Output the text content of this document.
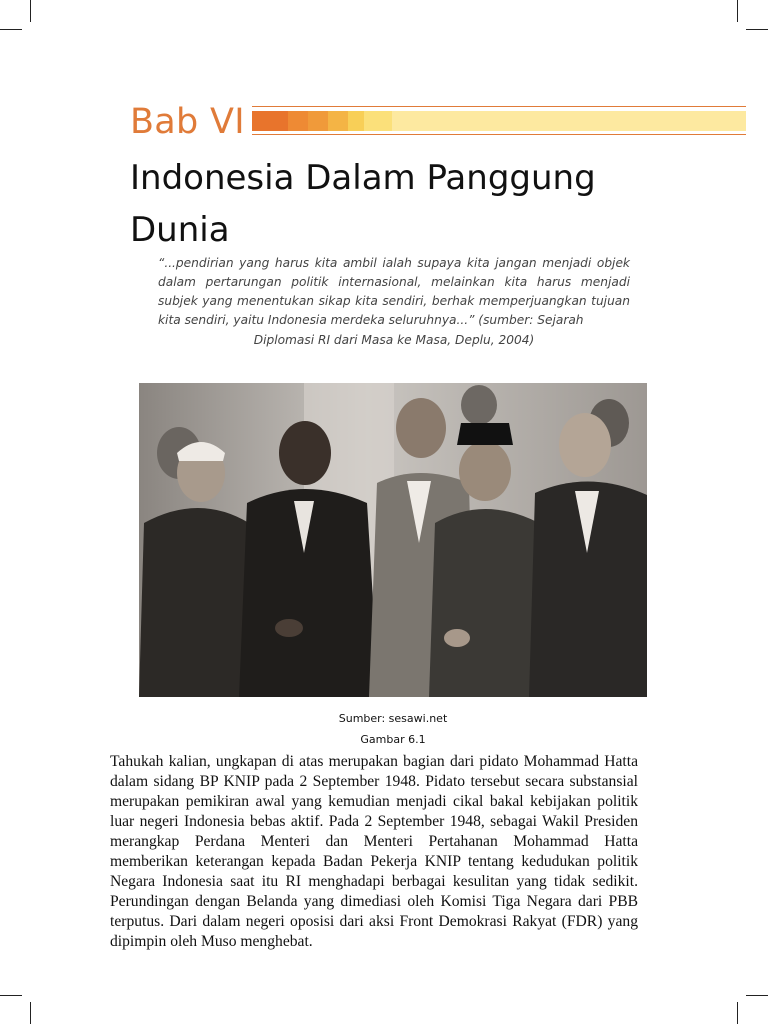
Bab VI
Indonesia Dalam Panggung Dunia

“...pendirian yang harus kita ambil ialah supaya kita jangan menjadi objek dalam pertarungan politik internasional, melainkan kita harus menjadi subjek yang menentukan sikap kita sendiri, berhak memperjuangkan tujuan kita sendiri, yaitu Indonesia merdeka seluruhnya...” (sumber: Sejarah

Diplomasi RI dari Masa ke Masa, Deplu, 2004)

Sumber: sesawi.net
Gambar 6.1

Tahukah kalian, ungkapan di atas merupakan bagian dari pidato Mohammad Hatta dalam sidang BP KNIP pada 2 September 1948. Pidato tersebut secara substansial merupakan pemikiran awal yang kemudian menjadi cikal bakal kebijakan politik luar negeri Indonesia bebas aktif. Pada 2 September 1948, sebagai Wakil Presiden merangkap Perdana Menteri dan Menteri Pertahanan Mohammad Hatta memberikan keterangan kepada Badan Pekerja KNIP tentang kedudukan politik Negara Indonesia saat itu RI menghadapi berbagai kesulitan yang tidak sedikit. Perundingan dengan Belanda yang dimediasi oleh Komisi Tiga Negara dari PBB terputus. Dari dalam negeri oposisi dari aksi Front Demokrasi Rakyat (FDR) yang dipimpin oleh Muso menghebat.
